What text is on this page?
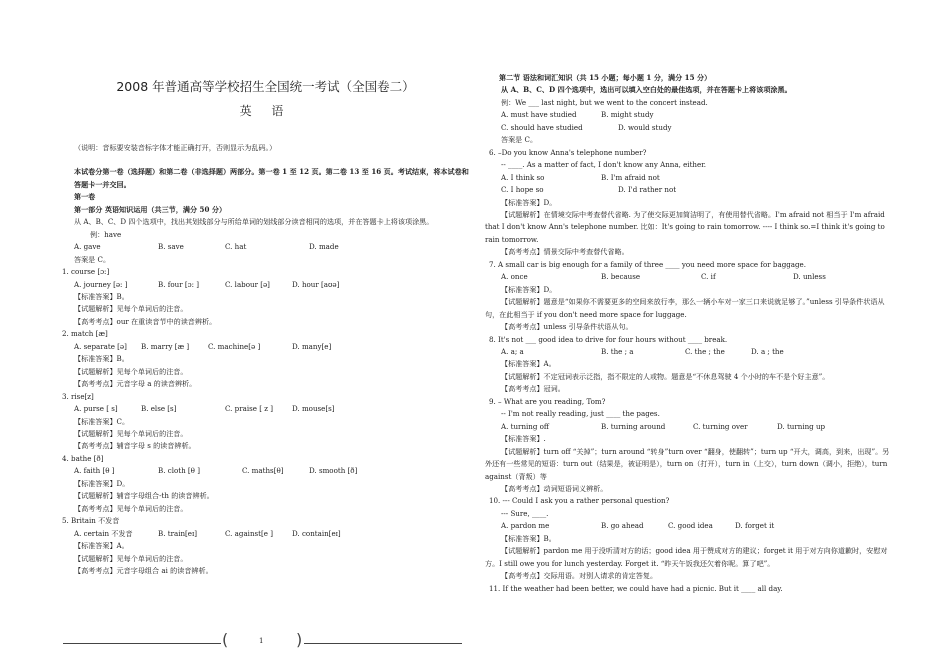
2008 年普通高等学校招生全国统一考试（全国卷二）
英 语
（说明：音标要安装音标字体才能正确打开，否则显示为乱码。）
本试卷分第一卷（选择题）和第二卷（非选择题）两部分。第一卷 1 至 12 页。第二卷 13 至 16 页。考试结束，将本试卷和答题卡一并交回。
第一卷
第一部分 英语知识运用（共三节，满分 50 分）
从 A、B、C、D 四个选项中，找出其划线部分与所给单词的划线部分读音相同的选项，并在答题卡上将该项涂黑。
例：have
A. gave	B. save	C. hat	D. made
答案是 C。
1. course [ɔ:]
A. journey [ə: ]	B. four [ɔ: ]	C. labour [ə]	D. hour [aʊə]
【标准答案】B。
【试题解析】见每个单词后的注音。
【高考考点】our 在重读音节中的读音辨析。
2. match [æ]
A. separate [ə]	B. marry [æ ]	C. machine[ə ]	D. many[e]
【标准答案】B。
【试题解析】见每个单词后的注音。
【高考考点】元音字母 a 的读音辨析。
3. rise[z]
A. purse [ s]	B. else [s]	C. praise [ z ]	D. mouse[s]
【标准答案】C。
【试题解析】见每个单词后的注音。
【高考考点】辅音字母 s 的读音辨析。
4. bathe [ð]
A. faith [θ ]	B. cloth [θ ]	C. maths[θ]	D. smooth [ð]
【标准答案】D。
【试题解析】辅音字母组合-th 的读音辨析。
【高考考点】见每个单词后的注音。
5. Britain 不发音
A. certain 不发音	B. train[eɪ]	C. against[e ]	D. contain[eɪ]
【标准答案】A。
【试题解析】见每个单词后的注音。
【高考考点】元音字母组合 ai 的读音辨析。
第二节 语法和词汇知识（共 15 小题；每小题 1 分，满分 15 分）
从 A、B、C、D 四个选项中，选出可以填入空白处的最佳选项，并在答题卡上将该项涂黑。
例：We ___ last night, but we went to the concert instead.
A. must have studied	B. might study
C. should have studied	D. would study
答案是 C。
6. –Do you know Anna's telephone number?
-- ____. As a matter of fact, I don't know any Anna, either.
A. I think so	B. I'm afraid not
C. I hope so	D. I'd rather not
【标准答案】D。
【试题解析】在情境交际中考查替代省略. 为了使交际更加简洁明了，有使用替代省略。I'm afraid not 相当于 I'm afraid that I don't know Ann's telephone number. 比如：It's going to rain tomorrow. ---- I think so.=I think it's going to rain tomorrow.
【高考考点】情景交际中考查替代省略。
7. A small car is big enough for a family of three ____ you need more space for baggage.
A. once	B. because	C. if	D. unless
【标准答案】D。
【试题解析】题意是“如果你不需要更多的空间来放行李，那么一辆小车对一家三口来说就足够了。”unless 引导条件状语从句，在此相当于 if you don't need more space for luggage.
【高考考点】unless 引导条件状语从句。
8. It's not ___ good idea to drive for four hours without ____ break.
A. a; a	B. the ; a	C. the ; the	D. a ; the
【标准答案】A。
【试题解析】不定冠词表示泛指，指不限定的人或物。题意是“不休息驾驶 4 个小时的车不是个好主意”。
【高考考点】冠词。
9. – What are you reading, Tom?
-- I'm not really reading, just ____ the pages.
A. turning off	B. turning around	C. turning over	D. turning up
【标准答案】.
【试题解析】turn off “关掉”；turn around “转身”turn over “翻身，使翻转”；turn up “开大，调高，到来，出现”。另外还有一些常见的短语：turn out（结果是，被证明是），turn on（打开），turn in（上交），turn down（调小，拒绝），turn against（背叛）等
【高考考点】动词短语词义辨析。
10. --- Could I ask you a rather personal question?
--- Sure, ____.
A. pardon me	B. go ahead	C. good idea	D. forget it
【标准答案】B。
【试题解析】pardon me 用于没听清对方的话；good idea 用于赞成对方的建议；forget it 用于对方向你道歉时，安慰对方。I still owe you for lunch yesterday. Forget it. “昨天午饭我还欠着你呢。算了吧”。
【高考考点】交际用语。对别人请求的肯定答复。
11. If the weather had been better, we could have had a picnic. But it ____ all day.
(	1 )
